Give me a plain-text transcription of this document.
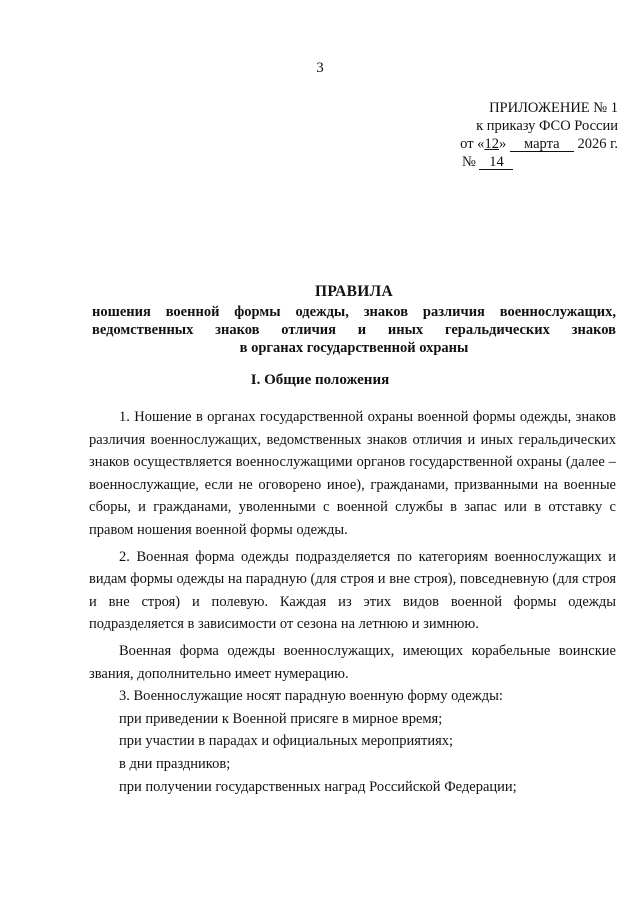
3
ПРИЛОЖЕНИЕ № 1
к приказу ФСО России
от «12» марта 2026 г.
№ 14
ПРАВИЛА
ношения военной формы одежды, знаков различия военнослужащих,
ведомственных знаков отличия и иных геральдических знаков
в органах государственной охраны
I. Общие положения

1. Ношение в органах государственной охраны военной формы одежды, знаков различия военнослужащих, ведомственных знаков отличия и иных геральдических знаков осуществляется военнослужащими органов государственной охраны (далее – военнослужащие, если не оговорено иное), гражданами, призванными на военные сборы, и гражданами, уволенными с военной службы в запас или в отставку с правом ношения военной формы одежды.

2. Военная форма одежды подразделяется по категориям военнослужащих и видам формы одежды на парадную (для строя и вне строя), повседневную (для строя и вне строя) и полевую. Каждая из этих видов военной формы одежды подразделяется в зависимости от сезона на летнюю и зимнюю.

Военная форма одежды военнослужащих, имеющих корабельные воинские звания, дополнительно имеет нумерацию.

3. Военнослужащие носят парадную военную форму одежды:

при приведении к Военной присяге в мирное время;

при участии в парадах и официальных мероприятиях;

в дни праздников;

при получении государственных наград Российской Федерации;
